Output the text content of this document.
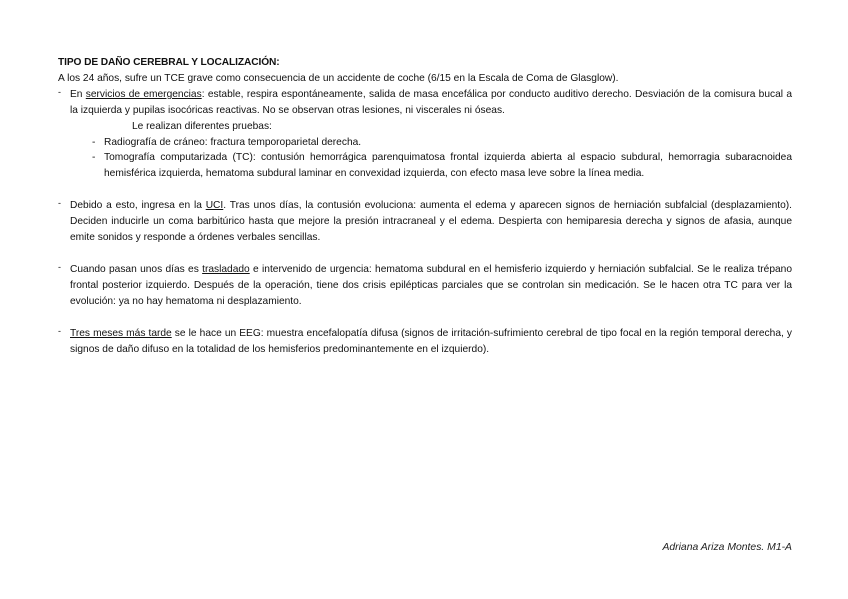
TIPO DE DAÑO CEREBRAL Y LOCALIZACIÓN:

A los 24 años, sufre un TCE grave como consecuencia de un accidente de coche (6/15 en la Escala de Coma de Glasglow).

- En servicios de emergencias: estable, respira espontáneamente, salida de masa encefálica por conducto auditivo derecho. Desviación de la comisura bucal a la izquierda y pupilas isocóricas reactivas. No se observan otras lesiones, ni viscerales ni óseas.
Le realizan diferentes pruebas:
- Radiografía de cráneo: fractura temporoparietal derecha.
- Tomografía computarizada (TC): contusión hemorrágica parenquimatosa frontal izquierda abierta al espacio subdural, hemorragia subaracnoidea hemisférica izquierda, hematoma subdural laminar en convexidad izquierda, con efecto masa leve sobre la línea media.
- Debido a esto, ingresa en la UCI. Tras unos días, la contusión evoluciona: aumenta el edema y aparecen signos de herniación subfalcial (desplazamiento). Deciden inducirle un coma barbitúrico hasta que mejore la presión intracraneal y el edema. Despierta con hemiparesia derecha y signos de afasia, aunque emite sonidos y responde a órdenes verbales sencillas.
- Cuando pasan unos días es trasladado e intervenido de urgencia: hematoma subdural en el hemisferio izquierdo y herniación subfalcial. Se le realiza trépano frontal posterior izquierdo. Después de la operación, tiene dos crisis epilépticas parciales que se controlan sin medicación. Se le hacen otra TC para ver la evolución: ya no hay hematoma ni desplazamiento.
- Tres meses más tarde se le hace un EEG: muestra encefalopatía difusa (signos de irritación-sufrimiento cerebral de tipo focal en la región temporal derecha, y signos de daño difuso en la totalidad de los hemisferios predominantemente en el izquierdo).
Adriana Ariza Montes. M1-A
